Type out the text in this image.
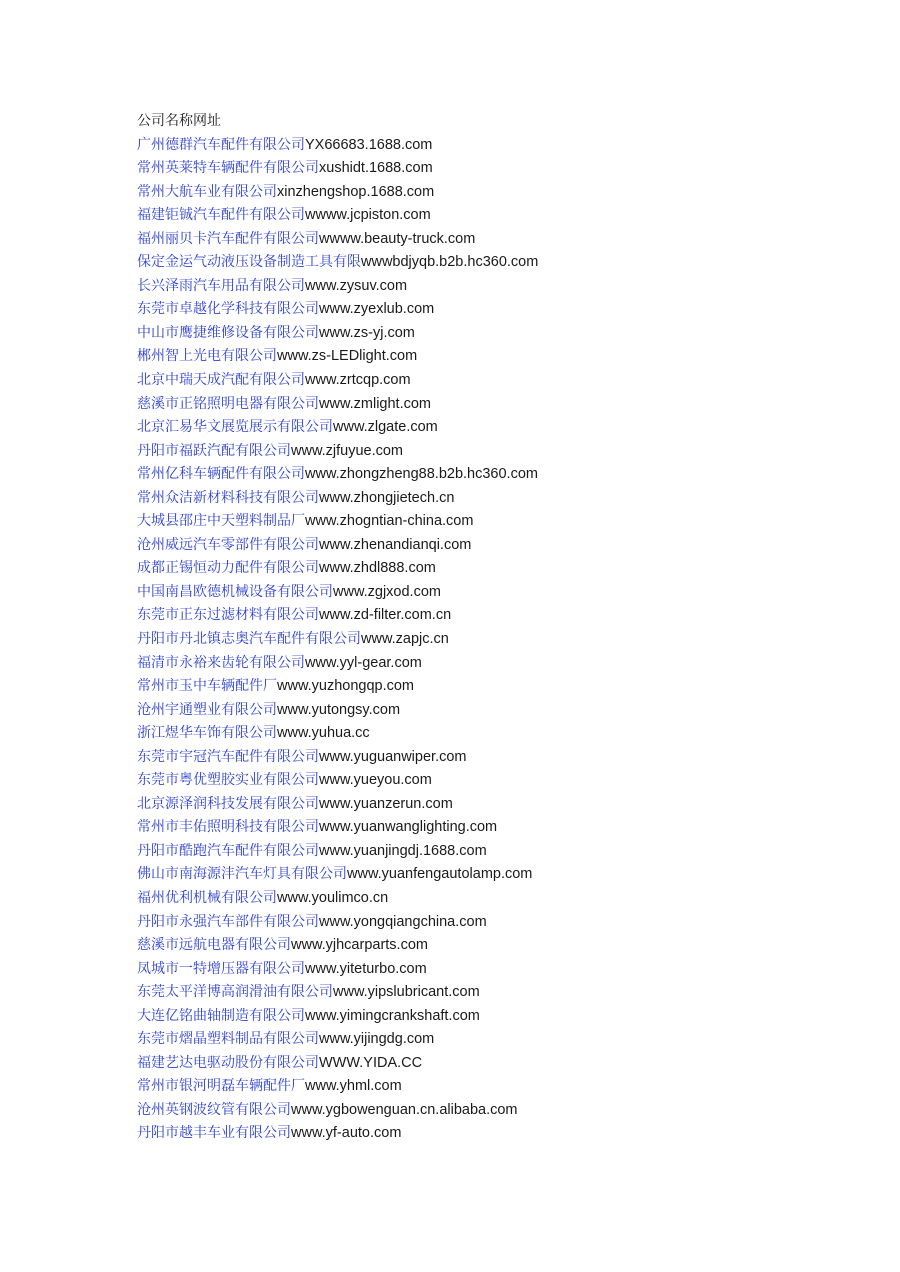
公司名称网址
广州德群汽车配件有限公司YX66683.1688.com
常州英莱特车辆配件有限公司xushidt.1688.com
常州大航车业有限公司xinzhengshop.1688.com
福建钜铖汽车配件有限公司wwww.jcpiston.com
福州丽贝卡汽车配件有限公司wwww.beauty-truck.com
保定金运气动液压设备制造工具有限wwwbdjyqb.b2b.hc360.com
长兴泽雨汽车用品有限公司www.zysuv.com
东莞市卓越化学科技有限公司www.zyexlub.com
中山市鹰捷维修设备有限公司www.zs-yj.com
郴州智上光电有限公司www.zs-LEDlight.com
北京中瑞天成汽配有限公司www.zrtcqp.com
慈溪市正铭照明电器有限公司www.zmlight.com
北京汇易华文展览展示有限公司www.zlgate.com
丹阳市福跃汽配有限公司www.zjfuyue.com
常州亿科车辆配件有限公司www.zhongzheng88.b2b.hc360.com
常州众洁新材料科技有限公司www.zhongjietech.cn
大城县邵庄中天塑料制品厂www.zhogntian-china.com
沧州威远汽车零部件有限公司www.zhenandianqi.com
成都正锡恒动力配件有限公司www.zhdl888.com
中国南昌欧德机械设备有限公司www.zgjxod.com
东莞市正东过滤材料有限公司www.zd-filter.com.cn
丹阳市丹北镇志奥汽车配件有限公司www.zapjc.cn
福清市永裕来齿轮有限公司www.yyl-gear.com
常州市玉中车辆配件厂www.yuzhongqp.com
沧州宇通塑业有限公司www.yutongsy.com
浙江煜华车饰有限公司www.yuhua.cc
东莞市宇冠汽车配件有限公司www.yuguanwiper.com
东莞市粤优塑胶实业有限公司www.yueyou.com
北京源泽润科技发展有限公司www.yuanzerun.com
常州市丰佑照明科技有限公司www.yuanwanglighting.com
丹阳市酷跑汽车配件有限公司www.yuanjingdj.1688.com
佛山市南海源沣汽车灯具有限公司www.yuanfengautolamp.com
福州优利机械有限公司www.youlimco.cn
丹阳市永强汽车部件有限公司www.yongqiangchina.com
慈溪市远航电器有限公司www.yjhcarparts.com
凤城市一特增压器有限公司www.yiteturbo.com
东莞太平洋博高润滑油有限公司www.yipslubricant.com
大连亿铭曲轴制造有限公司www.yimingcrankshaft.com
东莞市熠晶塑料制品有限公司www.yijingdg.com
福建艺达电驱动股份有限公司WWW.YIDA.CC
常州市银河明磊车辆配件厂www.yhml.com
沧州英钢波纹管有限公司www.ygbowenguan.cn.alibaba.com
丹阳市越丰车业有限公司www.yf-auto.com
